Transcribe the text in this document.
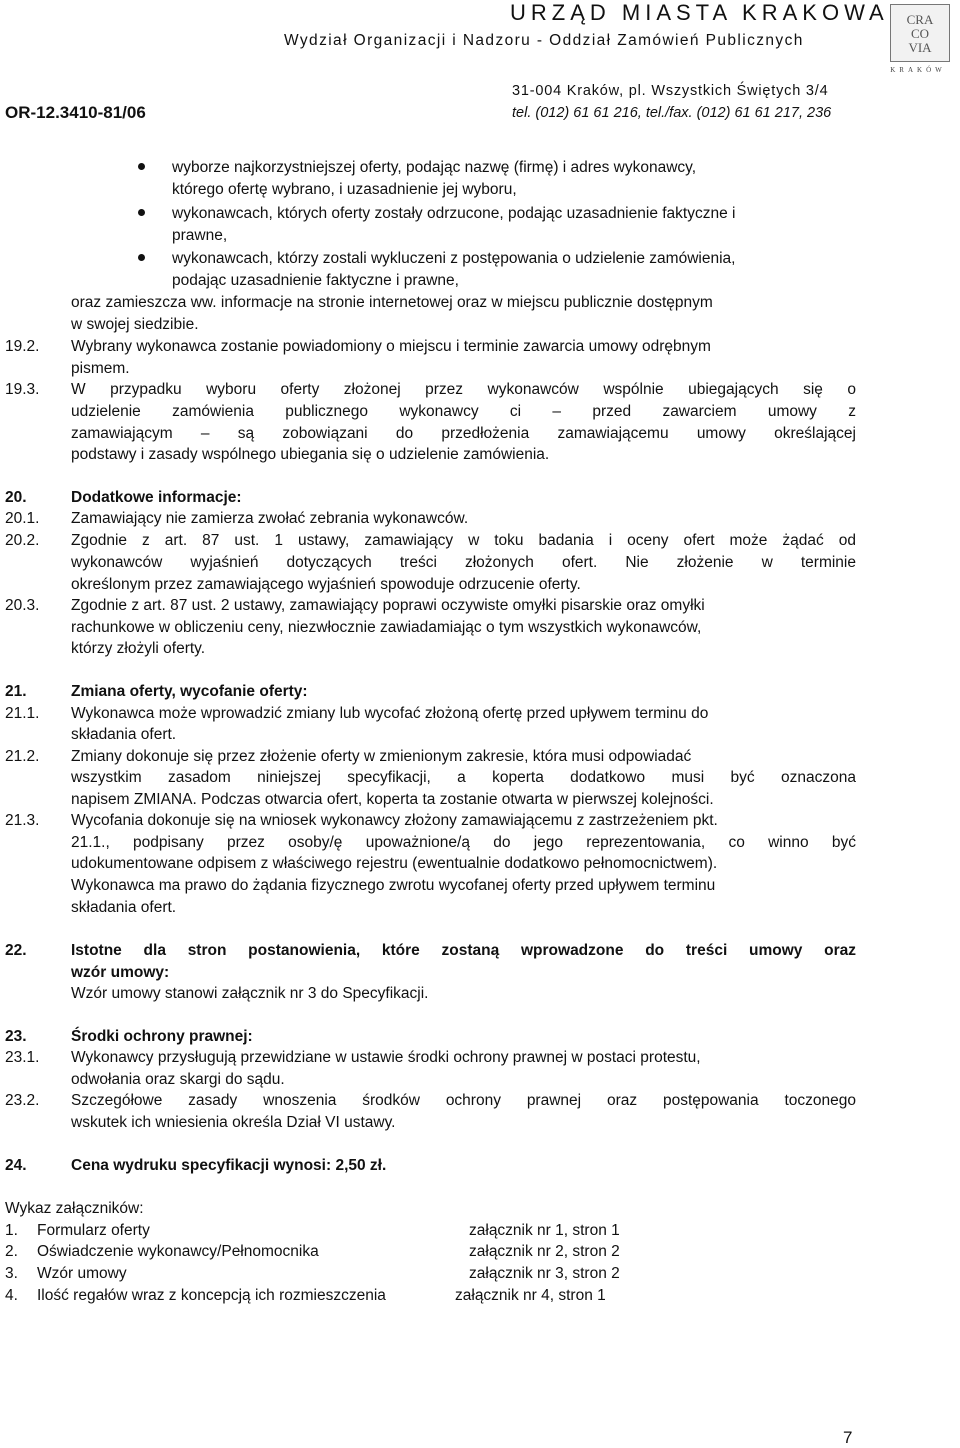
URZĄD MIASTA KRAKOWA
Wydział Organizacji i Nadzoru - Oddział Zamówień Publicznych
31-004 Kraków, pl. Wszystkich Świętych 3/4
tel. (012) 61 61 216, tel./fax. (012) 61 61 217, 236
OR-12.3410-81/06
CRA
CO
VIA
KRAKÓW
wyborze najkorzystniejszej oferty, podając nazwę (firmę) i adres wykonawcy,
którego ofertę wybrano, i uzasadnienie jej wyboru,
wykonawcach, których oferty zostały odrzucone, podając uzasadnienie faktyczne i
prawne,
wykonawcach, którzy zostali wykluczeni z postępowania o udzielenie zamówienia,
podając uzasadnienie faktyczne i prawne,
oraz zamieszcza ww. informacje na stronie internetowej oraz w miejscu publicznie dostępnym
w swojej siedzibie.
19.2. Wybrany wykonawca zostanie powiadomiony o miejscu i terminie zawarcia umowy odrębnym
pismem.
19.3. W przypadku wyboru oferty złożonej przez wykonawców wspólnie ubiegających się o
udzielenie zamówienia publicznego wykonawcy ci – przed zawarciem umowy z
zamawiającym – są zobowiązani do przedłożenia zamawiającemu umowy określającej
podstawy i zasady wspólnego ubiegania się o udzielenie zamówienia.
20.	Dodatkowe informacje:
20.1. Zamawiający nie zamierza zwołać zebrania wykonawców.
20.2. Zgodnie z art. 87 ust. 1 ustawy, zamawiający w toku badania i oceny ofert może żądać od
wykonawców wyjaśnień dotyczących treści złożonych ofert. Nie złożenie w terminie
określonym przez zamawiającego wyjaśnień spowoduje odrzucenie oferty.
20.3. Zgodnie z art. 87 ust. 2 ustawy, zamawiający poprawi oczywiste omyłki pisarskie oraz omyłki
rachunkowe w obliczeniu ceny, niezwłocznie zawiadamiając o tym wszystkich wykonawców,
którzy złożyli oferty.
21.	Zmiana oferty, wycofanie oferty:
21.1. Wykonawca może wprowadzić zmiany lub wycofać złożoną ofertę przed upływem terminu do
składania ofert.
21.2. Zmiany dokonuje się przez złożenie oferty w zmienionym zakresie, która musi odpowiadać
wszystkim zasadom niniejszej specyfikacji, a koperta dodatkowo musi być oznaczona
napisem ZMIANA. Podczas otwarcia ofert, koperta ta zostanie otwarta w pierwszej kolejności.
21.3. Wycofania dokonuje się na wniosek wykonawcy złożony zamawiającemu z zastrzeżeniem pkt.
21.1., podpisany przez osoby/ę upoważnione/ą do jego reprezentowania, co winno być
udokumentowane odpisem z właściwego rejestru (ewentualnie dodatkowo pełnomocnictwem).
Wykonawca ma prawo do żądania fizycznego zwrotu wycofanej oferty przed upływem terminu
składania ofert.
22.	Istotne dla stron postanowienia, które zostaną wprowadzone do treści umowy oraz
wzór umowy:
Wzór umowy stanowi załącznik nr 3 do Specyfikacji.
23.	Środki ochrony prawnej:
23.1. Wykonawcy przysługują przewidziane w ustawie środki ochrony prawnej w postaci protestu,
odwołania oraz skargi do sądu.
23.2. Szczegółowe zasady wnoszenia środków ochrony prawnej oraz postępowania toczonego
wskutek ich wniesienia określa Dział VI ustawy.
24.	Cena wydruku specyfikacji wynosi: 2,50 zł.
Wykaz załączników:
1. Formularz oferty	załącznik nr 1, stron 1
2. Oświadczenie wykonawcy/Pełnomocnika	załącznik nr 2, stron 2
3. Wzór umowy	załącznik nr 3, stron 2
4. Ilość regałów wraz z koncepcją ich rozmieszczenia	załącznik nr 4, stron 1
7
